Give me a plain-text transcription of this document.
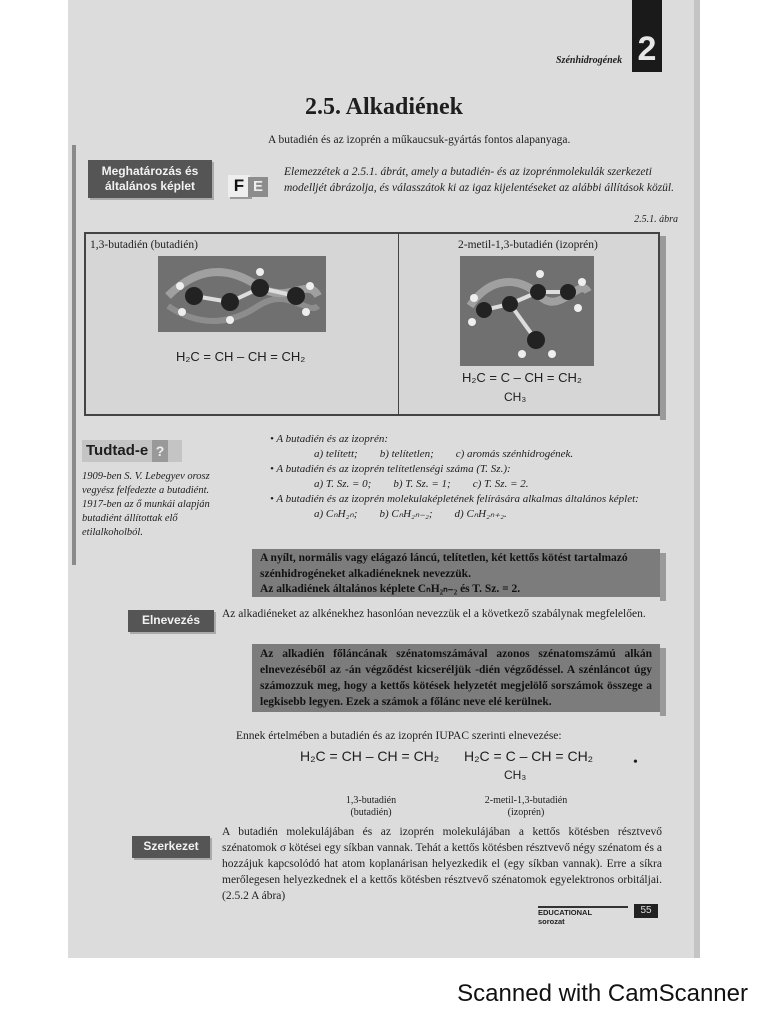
Szénhidrogének 2
2.5. Alkadiének
A butadién és az izoprén a műkaucsuk-gyártás fontos alapanyaga.
Meghatározás és általános képlet	F E
Elemezzétek a 2.5.1. ábrát, amely a butadién- és az izoprénmolekulák szerkezeti modelljét ábrázolja, és válasszátok ki az igaz kijelentéseket az alábbi állítások közül.
2.5.1. ábra
1,3-butadién (butadién)	2-metil-1,3-butadién (izoprén)
H₂C = CH – CH = CH₂
H₂C = C – CH = CH₂
CH₃
Tudtad-e ?
1909-ben S. V. Lebegyev orosz vegyész felfedezte a butadiént. 1917-ben az ő munkái alapján butadiént állítottak elő etilalkoholból.
• A butadién és az izoprén:
a) telített; b) telítetlen; c) aromás szénhidrogének.
• A butadién és az izoprén telítetlenségi száma (T. Sz.):
a) T. Sz. = 0; b) T. Sz. = 1; c) T. Sz. = 2.
• A butadién és az izoprén molekulaképletének felírására alkalmas általános képlet:
a) CₙH₂ₙ; b) CₙH₂ₙ₋₂; d) CₙH₂ₙ₊₂.
A nyílt, normális vagy elágazó láncú, telítetlen, két kettős kötést tartalmazó szénhidrogéneket alkadiéneknek nevezzük.
Az alkadiének általános képlete CₙH₂ₙ₋₂ és T. Sz. = 2.
Elnevezés	Az alkadiéneket az alkénekhez hasonlóan nevezzük el a következő szabálynak megfelelően.
Az alkadién főláncának szénatomszámával azonos szénatomszámú alkán elnevezéséből az -án végződést kicseréljük -dién végződéssel. A szénláncot úgy számozzuk meg, hogy a kettős kötések helyzetét megjelölő sorszámok összege a legkisebb legyen. Ezek a számok a főlánc neve elé kerülnek.
Ennek értelmében a butadién és az izoprén IUPAC szerinti elnevezése:
H₂C = CH – CH = CH₂ H₂C = C – CH = CH₂
CH₃
•
1,3-butadién
(butadién)
2-metil-1,3-butadién
(izoprén)
Szerkezet
A butadién molekulájában és az izoprén molekulájában a kettős kötésben résztvevő szénatomok σ kötései egy síkban vannak. Tehát a kettős kötésben résztvevő négy szénatom és a hozzájuk kapcsolódó hat atom koplanárisan helyezkedik el (egy síkban vannak). Erre a síkra merőlegesen helyezkednek el a kettős kötésben résztvevő szénatomok egyelektronos orbitáljai. (2.5.2 A ábra)
EDUCATIONAL
sorozat
55
Scanned with CamScanner
